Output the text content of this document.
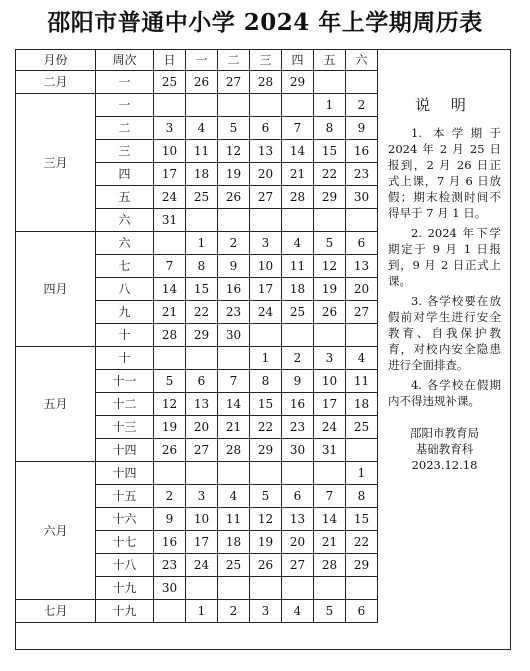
邵阳市普通中小学 2024 年上学期周历表
月份	周次	日	一	二	三	四	五	六
二月	一	25	26	27	28	29		
三月	一						1	2
	二	3	4	5	6	7	8	9
	三	10	11	12	13	14	15	16
	四	17	18	19	20	21	22	23
	五	24	25	26	27	28	29	30
	六	31						
四月	六		1	2	3	4	5	6
	七	7	8	9	10	11	12	13
	八	14	15	16	17	18	19	20
	九	21	22	23	24	25	26	27
	十	28	29	30				
五月	十				1	2	3	4
	十一	5	6	7	8	9	10	11
	十二	12	13	14	15	16	17	18
	十三	19	20	21	22	23	24	25
	十四	26	27	28	29	30	31	
六月	十四							1
	十五	2	3	4	5	6	7	8
	十六	9	10	11	12	13	14	15
	十七	16	17	18	19	20	21	22
	十八	23	24	25	26	27	28	29
	十九	30						
七月	十九		1	2	3	4	5	6
说 明
1. 本学期于 2024 年 2 月 25 日报到，2 月 26 日正式上课，7 月 6 日放假；期末检测时间不得早于 7 月 1 日。
2. 2024 年下学期定于 9 月 1 日报到，9 月 2 日正式上课。
3. 各学校要在放假前对学生进行安全教育、自我保护教育，对校内安全隐患进行全面排查。
4. 各学校在假期内不得违规补课。
邵阳市教育局
基础教育科
2023.12.18
